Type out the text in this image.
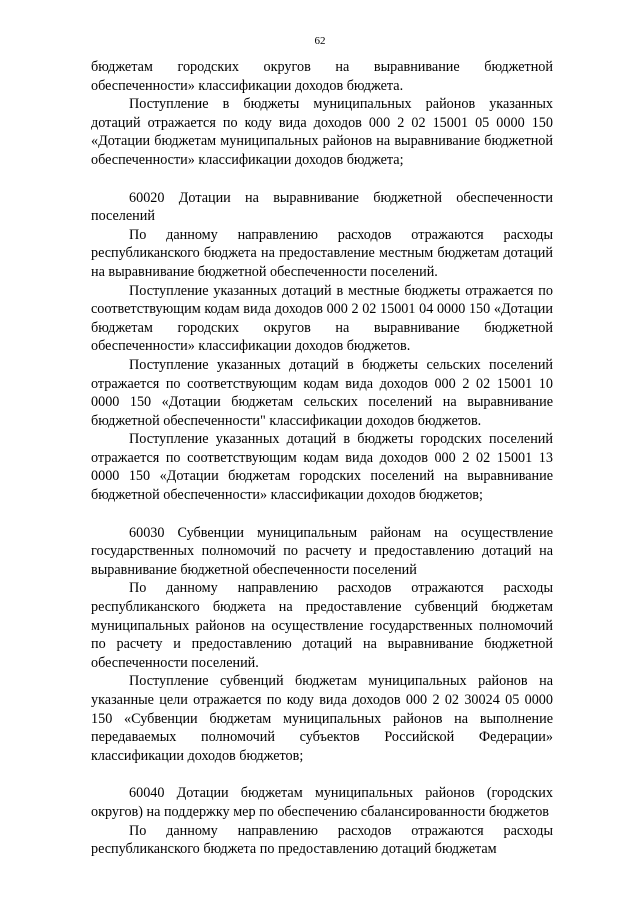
62

бюджетам городских округов на выравнивание бюджетной обеспеченности» классификации доходов бюджета.

Поступление в бюджеты муниципальных районов указанных дотаций отражается по коду вида доходов 000 2 02 15001 05 0000 150 «Дотации бюджетам муниципальных районов на выравнивание бюджетной обеспеченности» классификации доходов бюджета;

60020 Дотации на выравнивание бюджетной обеспеченности поселений

По данному направлению расходов отражаются расходы республиканского бюджета на предоставление местным бюджетам дотаций на выравнивание бюджетной обеспеченности поселений.

Поступление указанных дотаций в местные бюджеты отражается по соответствующим кодам вида доходов 000 2 02 15001 04 0000 150 «Дотации бюджетам городских округов на выравнивание бюджетной обеспеченности» классификации доходов бюджетов.

Поступление указанных дотаций в бюджеты сельских поселений отражается по соответствующим кодам вида доходов 000 2 02 15001 10 0000 150 «Дотации бюджетам сельских поселений на выравнивание бюджетной обеспеченности" классификации доходов бюджетов.

Поступление указанных дотаций в бюджеты городских поселений отражается по соответствующим кодам вида доходов 000 2 02 15001 13 0000 150 «Дотации бюджетам городских поселений на выравнивание бюджетной обеспеченности» классификации доходов бюджетов;

60030 Субвенции муниципальным районам на осуществление государственных полномочий по расчету и предоставлению дотаций на выравнивание бюджетной обеспеченности поселений

По данному направлению расходов отражаются расходы республиканского бюджета на предоставление субвенций бюджетам муниципальных районов на осуществление государственных полномочий по расчету и предоставлению дотаций на выравнивание бюджетной обеспеченности поселений.

Поступление субвенций бюджетам муниципальных районов на указанные цели отражается по коду вида доходов 000 2 02 30024 05 0000 150 «Субвенции бюджетам муниципальных районов на выполнение передаваемых полномочий субъектов Российской Федерации» классификации доходов бюджетов;

60040 Дотации бюджетам муниципальных районов (городских округов) на поддержку мер по обеспечению сбалансированности бюджетов

По данному направлению расходов отражаются расходы республиканского бюджета по предоставлению дотаций бюджетам
